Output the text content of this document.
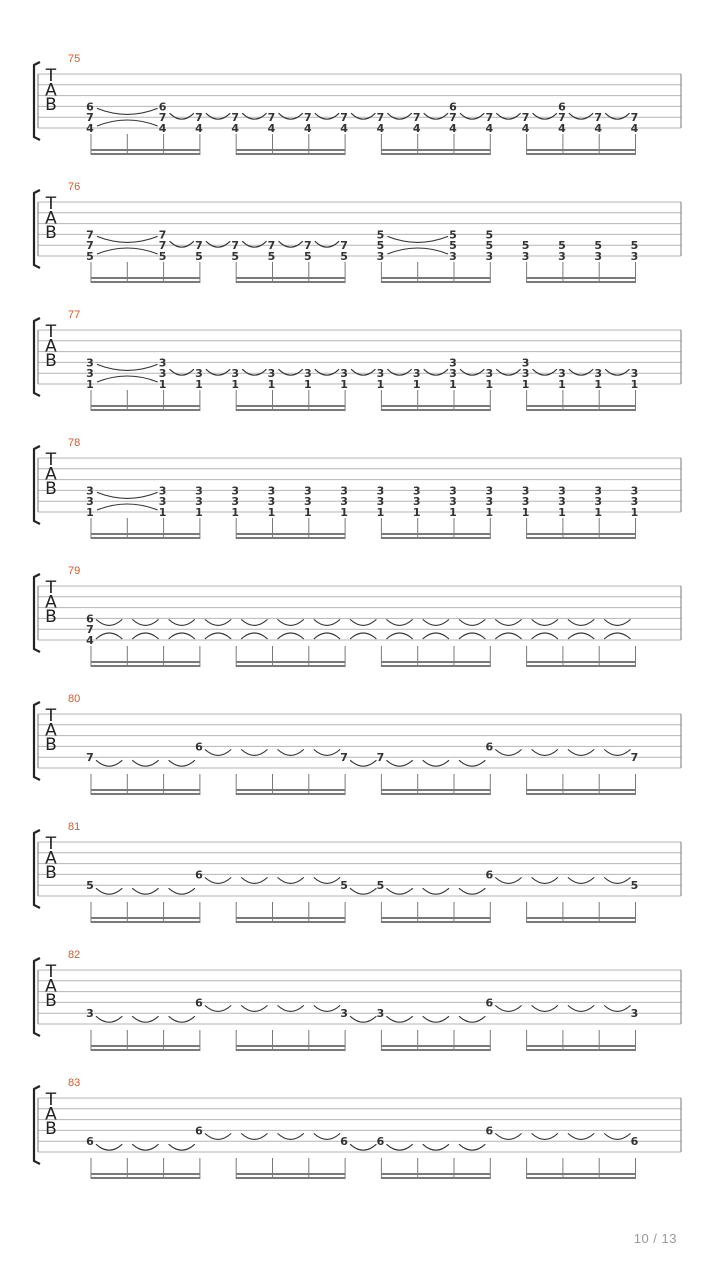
T
A
B
75
6
7
4
6
7
4
7
4
7
4
7
4
7
4
7
4
7
4
7
4
6
7
4
7
4
7
4
6
7
4
7
4
7
4
T
A
B
76
7
7
5
7
7
5
7
5
7
5
7
5
7
5
7
5
5
5
3
5
5
3
5
5
3
5
3
5
3
5
3
5
3
T
A
B
77
3
3
1
3
3
1
3
1
3
1
3
1
3
1
3
1
3
1
3
1
3
3
1
3
1
3
3
1
3
1
3
1
3
1
T
A
B
78
3
3
1
3
3
1
3
3
1
3
3
1
3
3
1
3
3
1
3
3
1
3
3
1
3
3
1
3
3
1
3
3
1
3
3
1
3
3
1
3
3
1
3
3
1
T
A
B
79
6
7
4
T
A
B
80
7
6
7	7
6
7
T
A
B
81
5
6
5	5
6
5
T
A
B
82
3
6
3	3
6
3
T
A
B
83
6
6
6	6
6
6
10 / 13
